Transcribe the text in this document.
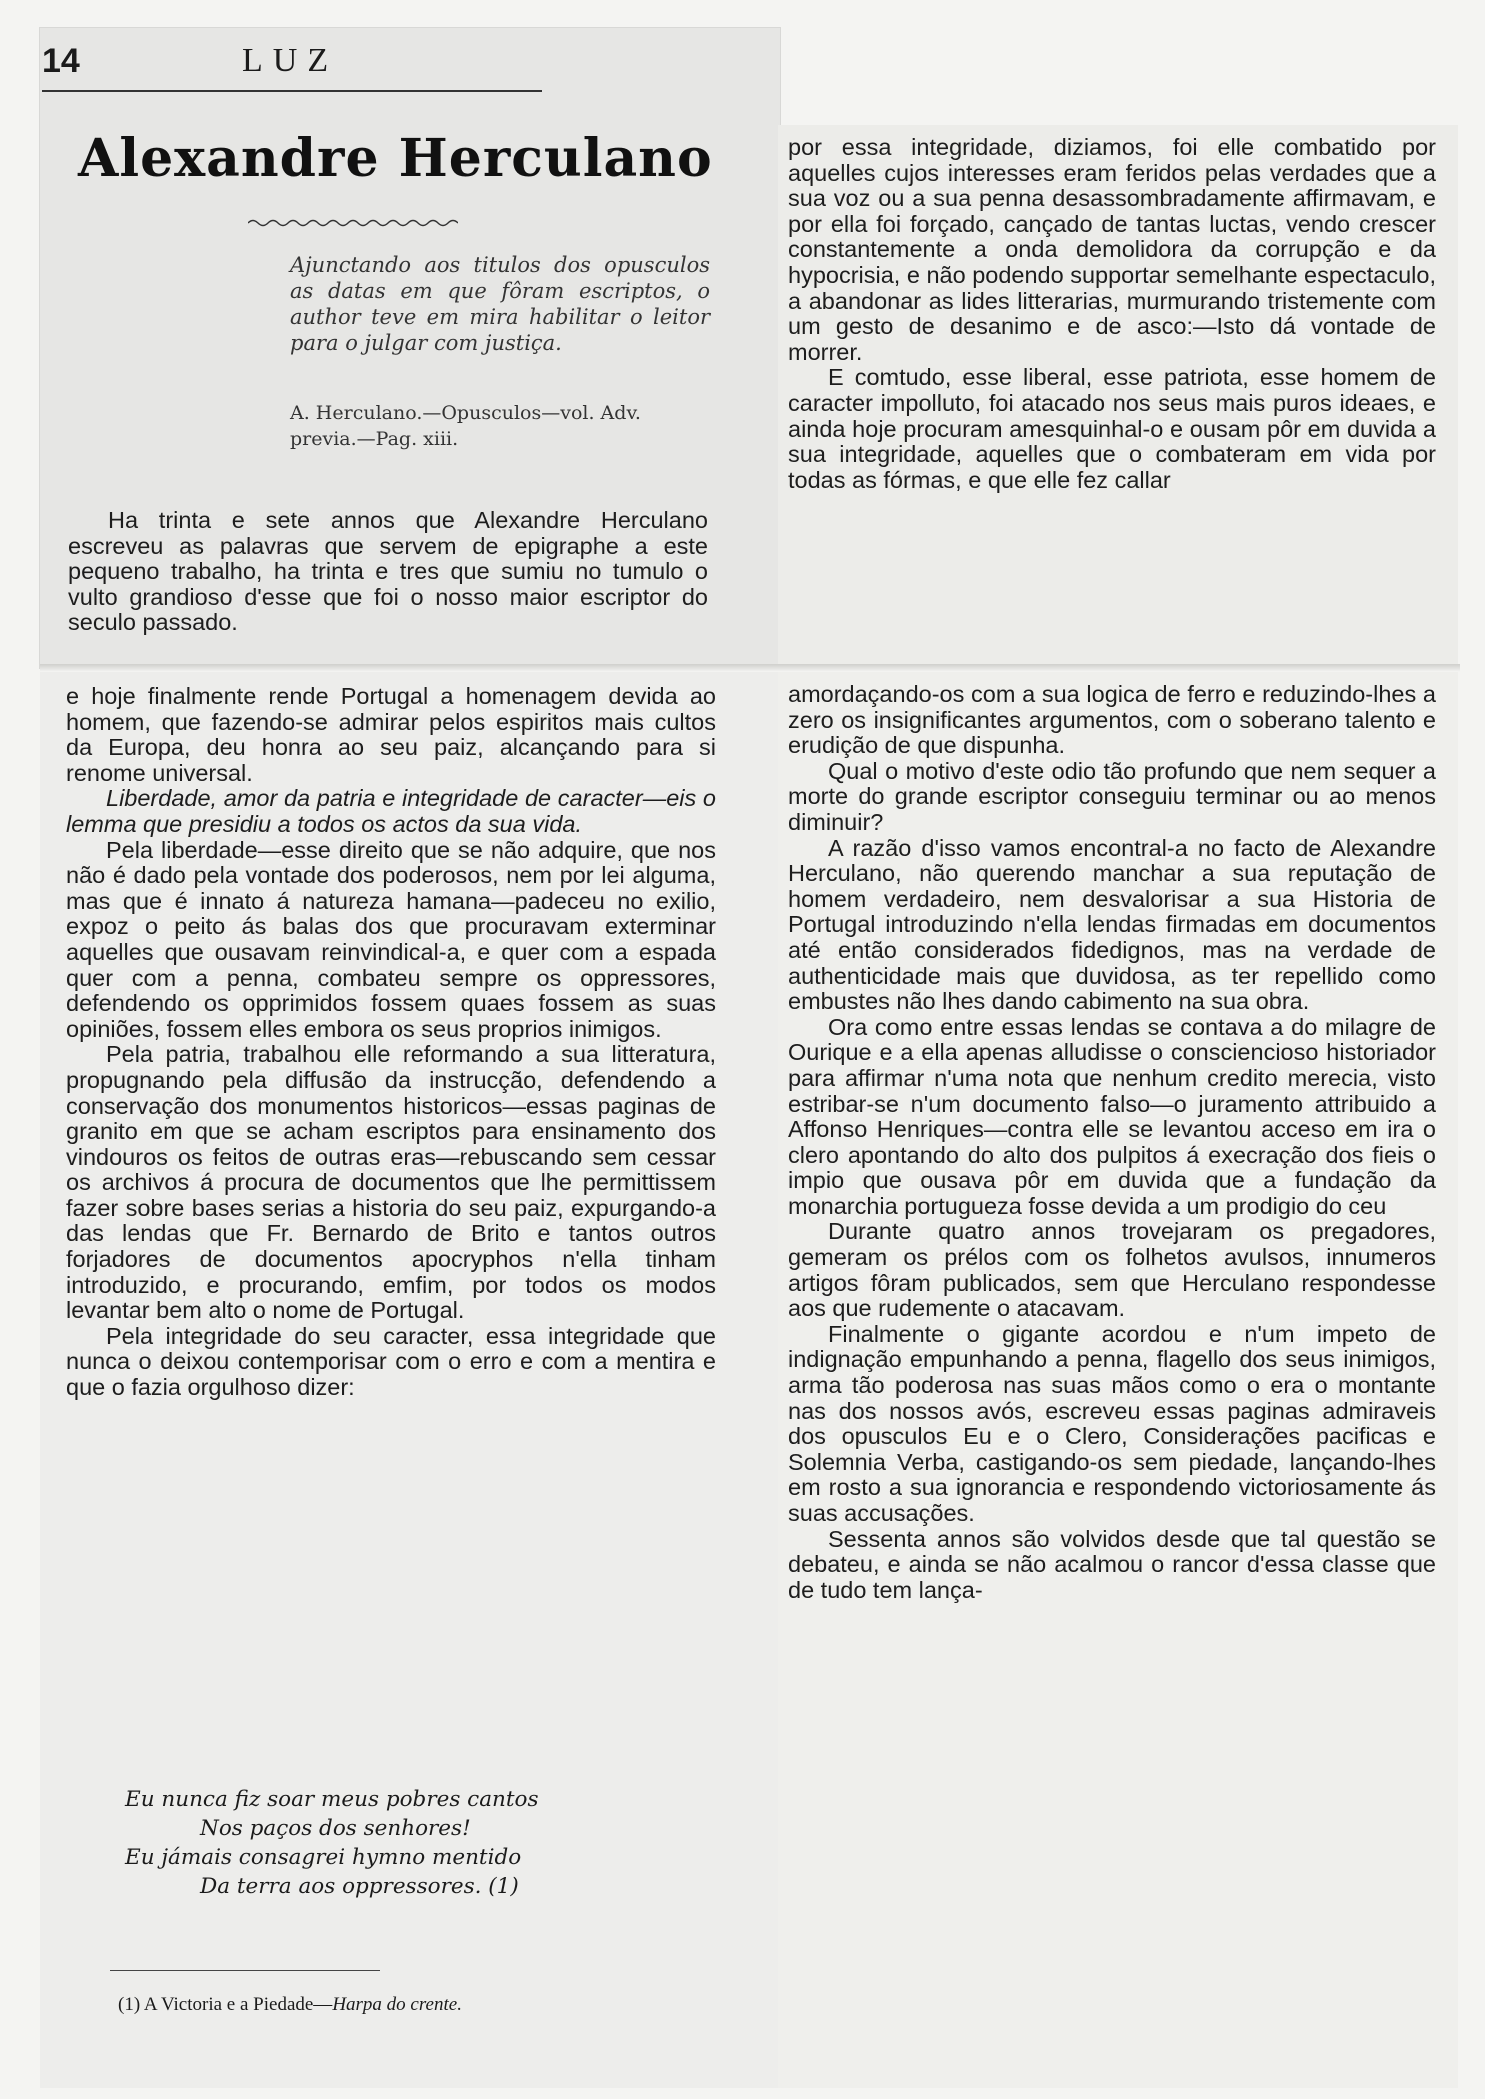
14	LUZ
Alexandre Herculano
Ajunctando aos titulos dos opusculos as datas em que fôram escriptos, o author teve em mira habilitar o leitor para o julgar com justiça.
A. Herculano.—Opusculos—vol. Adv. previa.—Pag. xiii.

Ha trinta e sete annos que Alexandre Herculano escreveu as palavras que servem de epigraphe a este pequeno trabalho, ha trinta e tres que sumiu no tumulo o vulto grandioso d'esse que foi o nosso maior escriptor do seculo passado.

e hoje finalmente rende Portugal a homenagem devida ao homem, que fazendo-se admirar pelos espiritos mais cultos da Europa, deu honra ao seu paiz, alcançando para si renome universal.

Liberdade, amor da patria e integridade de caracter—eis o lemma que presidiu a todos os actos da sua vida.

Pela liberdade—esse direito que se não adquire, que nos não é dado pela vontade dos poderosos, nem por lei alguma, mas que é innato á natureza hamana—padeceu no exilio, expoz o peito ás balas dos que procuravam exterminar aquelles que ousavam reinvindical-a, e quer com a espada quer com a penna, combateu sempre os oppressores, defendendo os opprimidos fossem quaes fossem as suas opiniões, fossem elles embora os seus proprios inimigos.

Pela patria, trabalhou elle reformando a sua litteratura, propugnando pela diffusão da instrucção, defendendo a conservação dos monumentos historicos—essas paginas de granito em que se acham escriptos para ensinamento dos vindouros os feitos de outras eras—rebuscando sem cessar os archivos á procura de documentos que lhe permittissem fazer sobre bases serias a historia do seu paiz, expurgando-a das lendas que Fr. Bernardo de Brito e tantos outros forjadores de documentos apocryphos n'ella tinham introduzido, e procurando, emfim, por todos os modos levantar bem alto o nome de Portugal.

Pela integridade do seu caracter, essa integridade que nunca o deixou contemporisar com o erro e com a mentira e que o fazia orgulhoso dizer:

Eu nunca fiz soar meus pobres cantos
Nos paços dos senhores!
Eu jámais consagrei hymno mentido
Da terra aos oppressores. (1)
(1) A Victoria e a Piedade—Harpa do crente.

por essa integridade, diziamos, foi elle combatido por aquelles cujos interesses eram feridos pelas verdades que a sua voz ou a sua penna desassombradamente affirmavam, e por ella foi forçado, cançado de tantas luctas, vendo crescer constantemente a onda demolidora da corrupção e da hypocrisia, e não podendo supportar semelhante espectaculo, a abandonar as lides litterarias, murmurando tristemente com um gesto de desanimo e de asco:—Isto dá vontade de morrer.

E comtudo, esse liberal, esse patriota, esse homem de caracter impolluto, foi atacado nos seus mais puros ideaes, e ainda hoje procuram amesquinhal-o e ousam pôr em duvida a sua integridade, aquelles que o combateram em vida por todas as fórmas, e que elle fez callar

amordaçando-os com a sua logica de ferro e reduzindo-lhes a zero os insignificantes argumentos, com o soberano talento e erudição de que dispunha.

Qual o motivo d'este odio tão profundo que nem sequer a morte do grande escriptor conseguiu terminar ou ao menos diminuir?

A razão d'isso vamos encontral-a no facto de Alexandre Herculano, não querendo manchar a sua reputação de homem verdadeiro, nem desvalorisar a sua Historia de Portugal introduzindo n'ella lendas firmadas em documentos até então considerados fidedignos, mas na verdade de authenticidade mais que duvidosa, as ter repellido como embustes não lhes dando cabimento na sua obra.

Ora como entre essas lendas se contava a do milagre de Ourique e a ella apenas alludisse o consciencioso historiador para affirmar n'uma nota que nenhum credito merecia, visto estribar-se n'um documento falso—o juramento attribuido a Affonso Henriques—contra elle se levantou acceso em ira o clero apontando do alto dos pulpitos á execração dos fieis o impio que ousava pôr em duvida que a fundação da monarchia portugueza fosse devida a um prodigio do ceu

Durante quatro annos trovejaram os pregadores, gemeram os prélos com os folhetos avulsos, innumeros artigos fôram publicados, sem que Herculano respondesse aos que rudemente o atacavam.

Finalmente o gigante acordou e n'um impeto de indignação empunhando a penna, flagello dos seus inimigos, arma tão poderosa nas suas mãos como o era o montante nas dos nossos avós, escreveu essas paginas admiraveis dos opusculos Eu e o Clero, Considerações pacificas e Solemnia Verba, castigando-os sem piedade, lançando-lhes em rosto a sua ignorancia e respondendo victoriosamente ás suas accusações.

Sessenta annos são volvidos desde que tal questão se debateu, e ainda se não acalmou o rancor d'essa classe que de tudo tem lança-
